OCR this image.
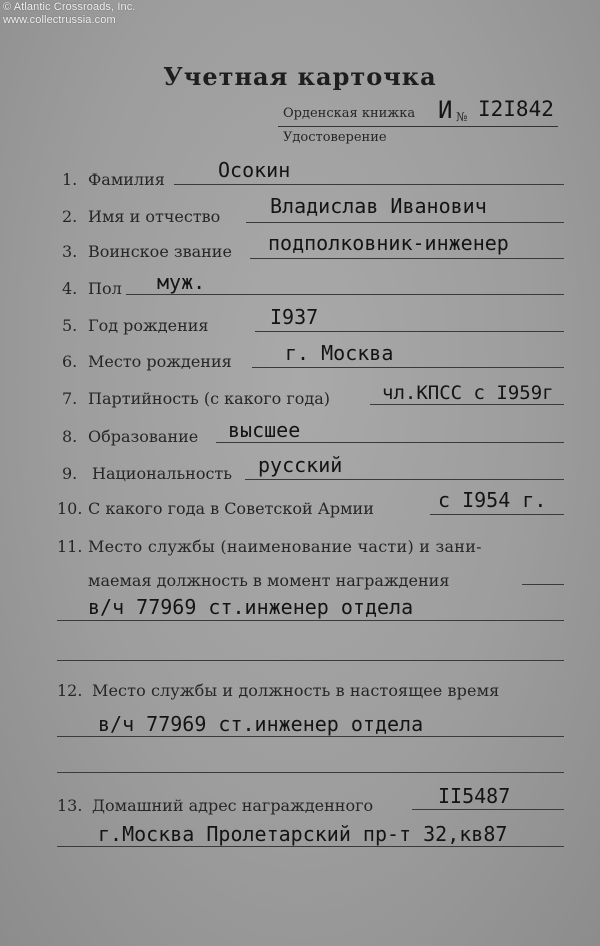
© Atlantic Crossroads, Inc.
www.collectrussia.com
Учетная карточка
Орденская книжка И № I2I842
Удостоверение
1. Фамилия	Осокин
2. Имя и отчество Владислав Иванович
3. Воинское звание подполковник-инженер
4. Пол муж.
5. Год рождения	I937
6. Место рождения	г. Москва
7. Партийность (с какого года)	чл.КПСС с I959г
8. Образование высшее
9. Национальность русский
10. С какого года в Советской Армии	с I954 г.
11. Место службы (наименование части) и зани-
маемая должность в момент награждения
в/ч 77969 ст.инженер отдела
12. Место службы и должность в настоящее время
в/ч 77969 ст.инженер отдела
13. Домашний адрес награжденного	II5487
г.Москва Пролетарский пр-т 32,кв87
